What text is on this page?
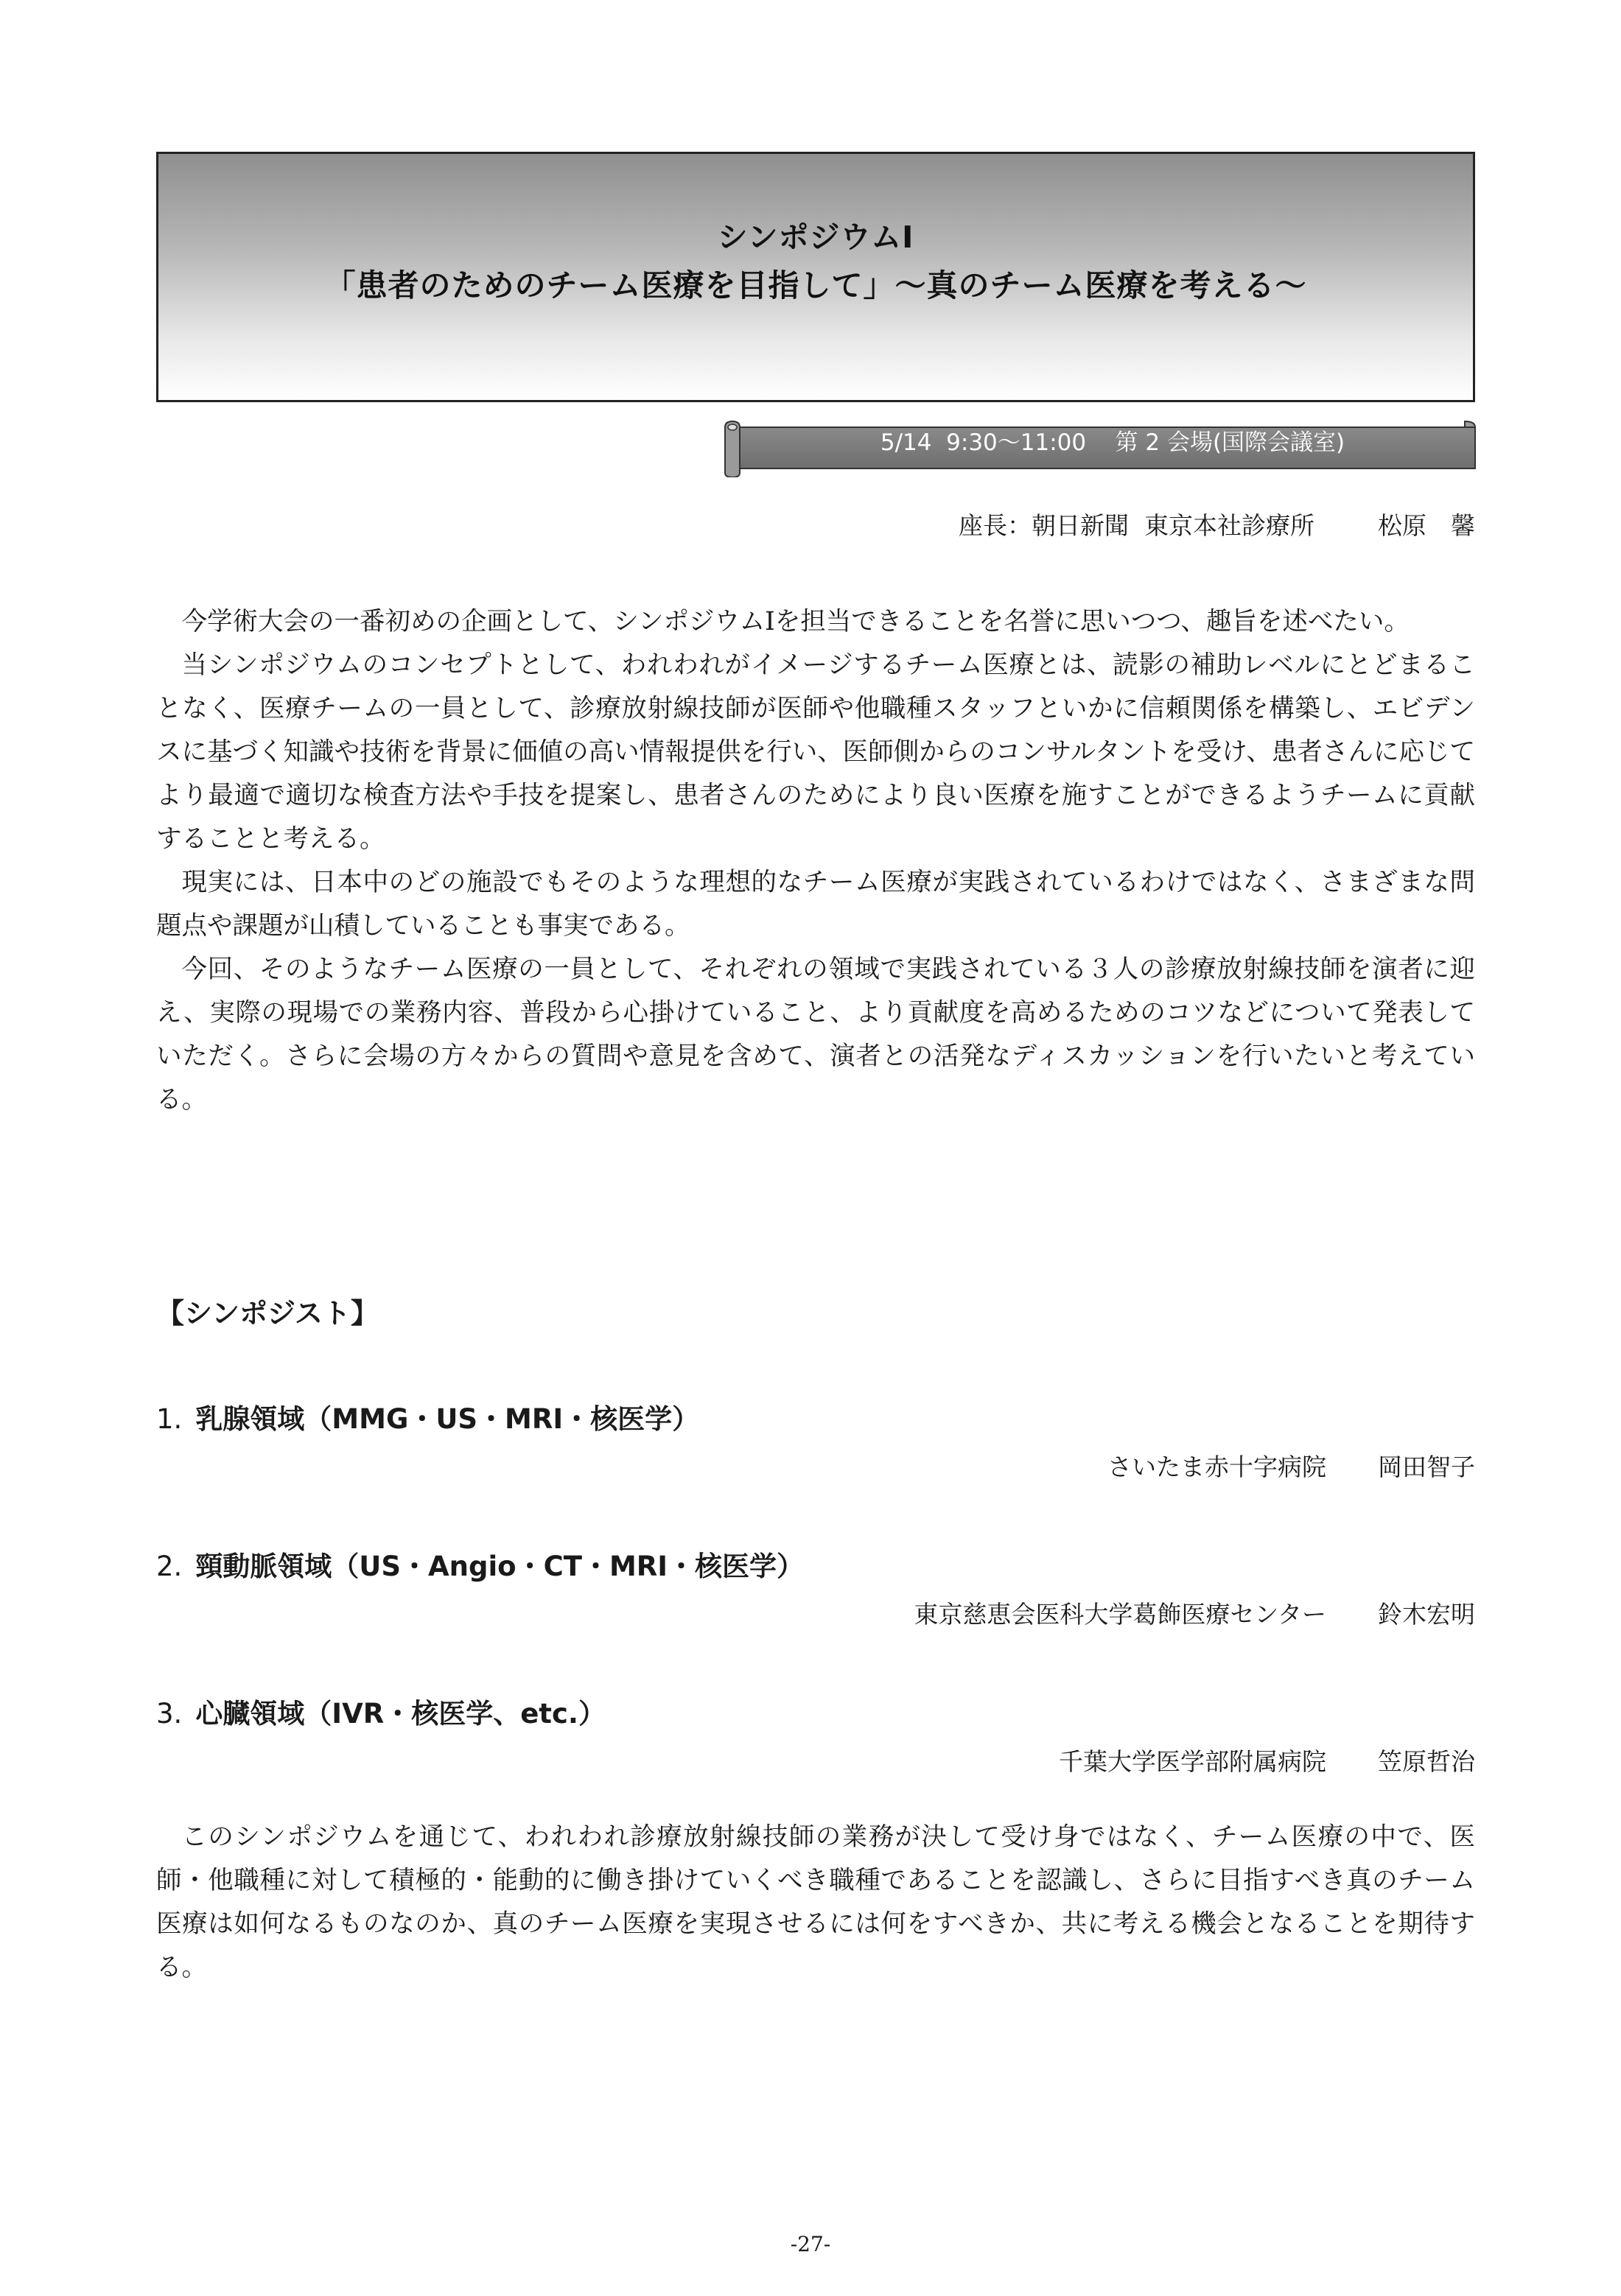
シンポジウムⅠ
「患者のためのチーム医療を目指して」～真のチーム医療を考える～
5/14  9:30～11:00    第 2 会場(国際会議室)
座長：朝日新聞  東京本社診療所	松原　馨

今学術大会の一番初めの企画として、シンポジウムⅠを担当できることを名誉に思いつつ、趣旨を述べたい。

当シンポジウムのコンセプトとして、われわれがイメージするチーム医療とは、読影の補助レベルにとどまることなく、医療チームの一員として、診療放射線技師が医師や他職種スタッフといかに信頼関係を構築し、エビデンスに基づく知識や技術を背景に価値の高い情報提供を行い、医師側からのコンサルタントを受け、患者さんに応じてより最適で適切な検査方法や手技を提案し、患者さんのためにより良い医療を施すことができるようチームに貢献することと考える。

現実には、日本中のどの施設でもそのような理想的なチーム医療が実践されているわけではなく、さまざまな問題点や課題が山積していることも事実である。

今回、そのようなチーム医療の一員として、それぞれの領域で実践されている３人の診療放射線技師を演者に迎え、実際の現場での業務内容、普段から心掛けていること、より貢献度を高めるためのコツなどについて発表していただく。さらに会場の方々からの質問や意見を含めて、演者との活発なディスカッションを行いたいと考えている。

【シンポジスト】
1. 乳腺領域（MMG・US・MRI・核医学）
さいたま赤十字病院 岡田智子
2. 頸動脈領域（US・Angio・CT・MRI・核医学）
東京慈恵会医科大学葛飾医療センター 鈴木宏明
3. 心臓領域（IVR・核医学、etc.）
千葉大学医学部附属病院 笠原哲治

このシンポジウムを通じて、われわれ診療放射線技師の業務が決して受け身ではなく、チーム医療の中で、医師・他職種に対して積極的・能動的に働き掛けていくべき職種であることを認識し、さらに目指すべき真のチーム医療は如何なるものなのか、真のチーム医療を実現させるには何をすべきか、共に考える機会となることを期待する。

-27-
